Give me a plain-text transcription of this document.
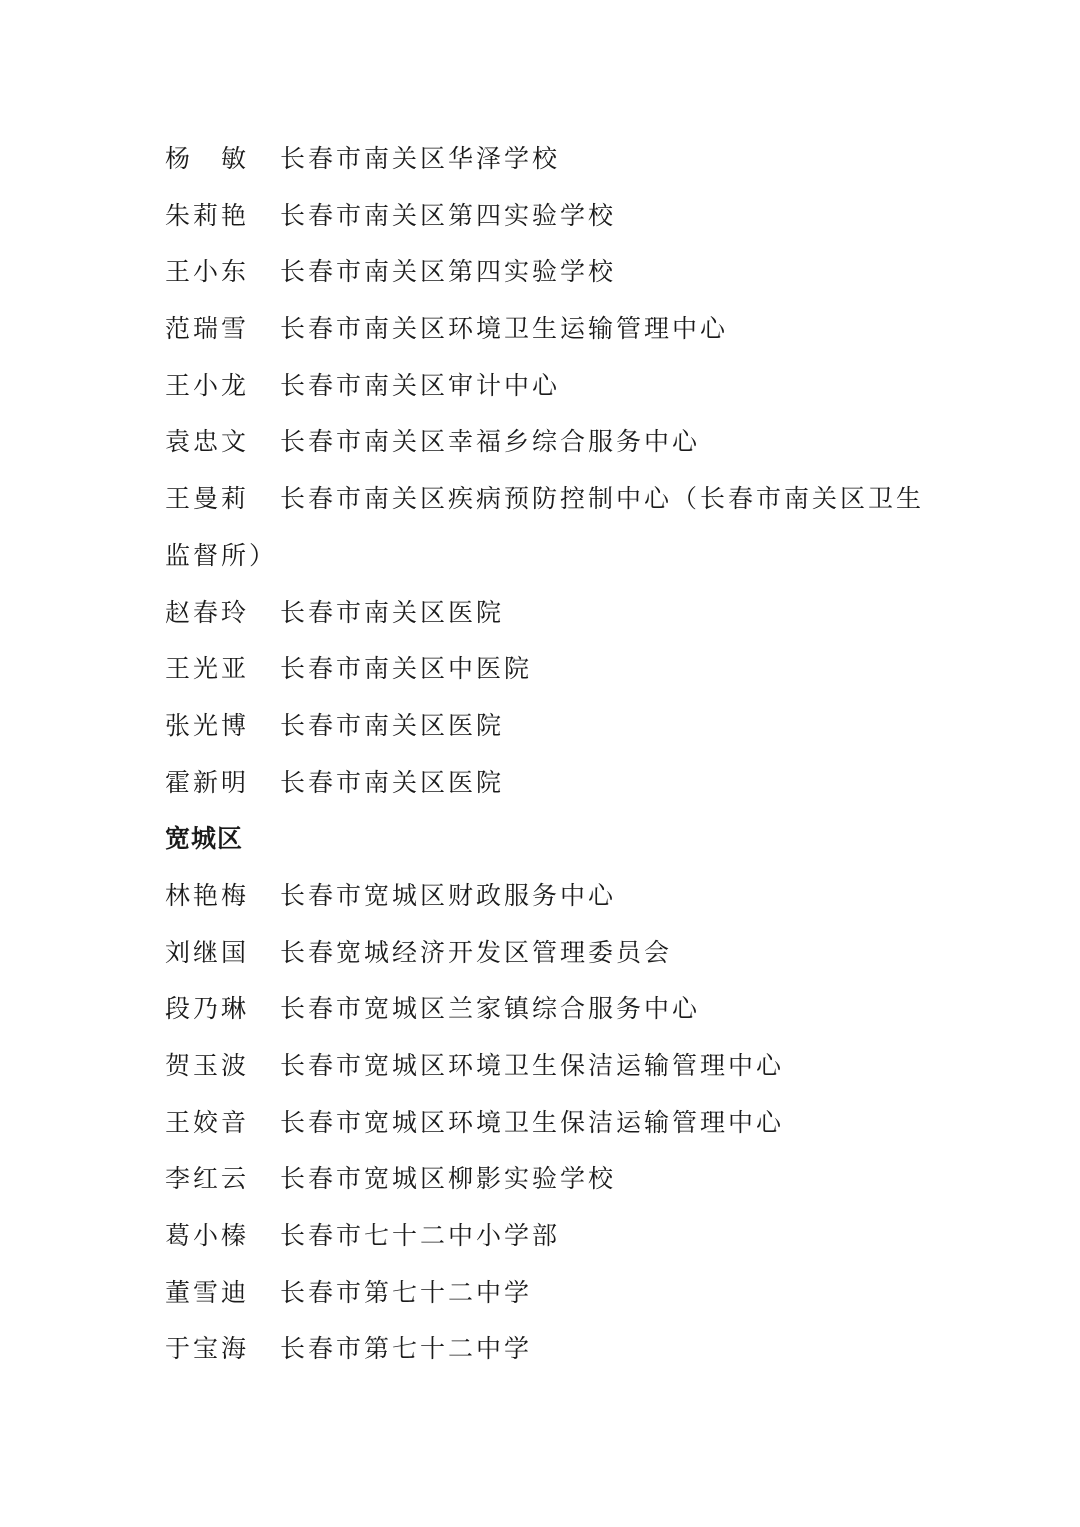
杨　敏	长春市南关区华泽学校
朱莉艳	长春市南关区第四实验学校
王小东	长春市南关区第四实验学校
范瑞雪	长春市南关区环境卫生运输管理中心
王小龙	长春市南关区审计中心
袁忠文	长春市南关区幸福乡综合服务中心
王曼莉	长春市南关区疾病预防控制中心（长春市南关区卫生
监督所）
赵春玲	长春市南关区医院
王光亚	长春市南关区中医院
张光博	长春市南关区医院
霍新明	长春市南关区医院
宽城区
林艳梅	长春市宽城区财政服务中心
刘继国	长春宽城经济开发区管理委员会
段乃琳	长春市宽城区兰家镇综合服务中心
贺玉波	长春市宽城区环境卫生保洁运输管理中心
王姣音	长春市宽城区环境卫生保洁运输管理中心
李红云	长春市宽城区柳影实验学校
葛小榛	长春市七十二中小学部
董雪迪	长春市第七十二中学
于宝海	长春市第七十二中学
